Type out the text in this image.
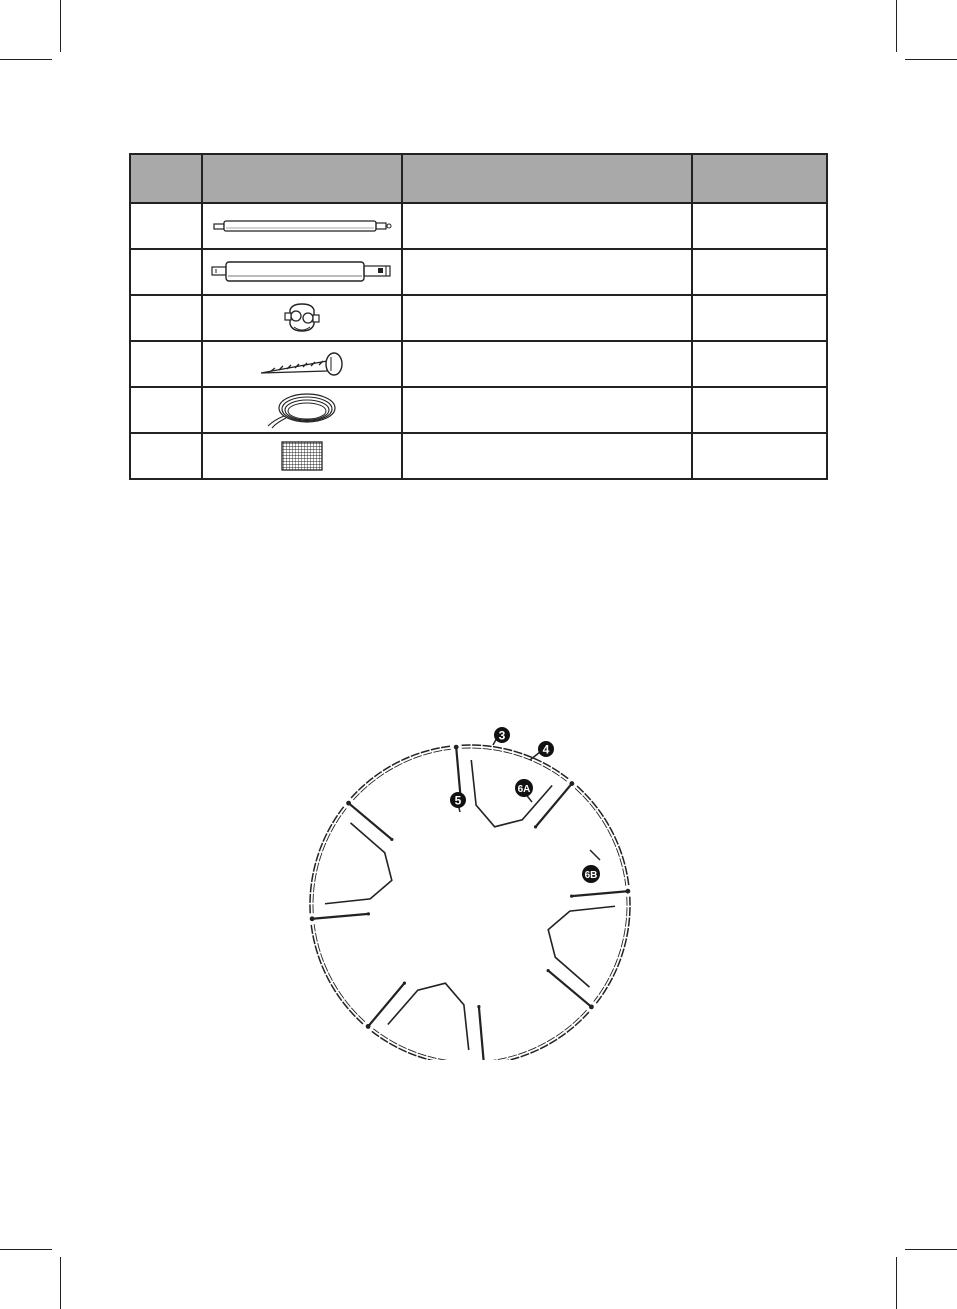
3
4
5
6A
6B
